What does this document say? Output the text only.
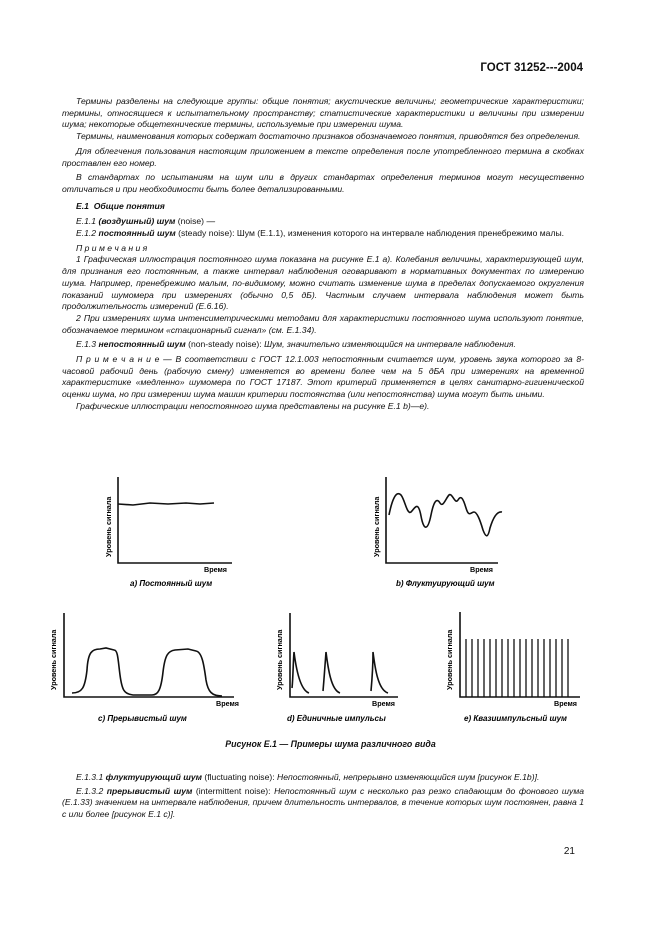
ГОСТ 31252---2004
Термины разделены на следующие группы: общие понятия; акустические величины; геометрические характеристики; термины, относящиеся к испытательному пространству; статистические характеристики и величины при измерении шума; некоторые общетехнические термины, используемые при измерении шума.
Термины, наименования которых содержат достаточно признаков обозначаемого понятия, приводятся без определения.
Для облегчения пользования настоящим приложением в тексте определения после употребленного термина в скобках проставлен его номер.
В стандартах по испытаниям на шум или в других стандартах определения терминов могут несущественно отличаться и при необходимости быть более детализированными.
E.1 Общие понятия
E.1.1 (воздушный) шум (noise) —
E.1.2 постоянный шум (steady noise): Шум (E.1.1), изменения которого на интервале наблюдения пренебрежимо малы.
П р и м е ч а н и я
1 Графическая иллюстрация постоянного шума показана на рисунке E.1 a). Колебания величины, характеризующей шум, для признания его постоянным, а также интервал наблюдения оговаривают в нормативных документах по измерению шума. Например, пренебрежимо малым, по-видимому, можно считать изменение шума в пределах допускаемого округления показаний шумомера при измерениях (обычно 0,5 дБ). Частным случаем интервала наблюдения может быть продолжительность измерений (E.6.16).
2 При измерениях шума интенсиметрическими методами для характеристики постоянного шума используют понятие, обозначаемое термином «стационарный сигнал» (см. E.1.34).
E.1.3 непостоянный шум (non-steady noise): Шум, значительно изменяющийся на интервале наблюдения.
П р и м е ч а н и е — В соответствии с ГОСТ 12.1.003 непостоянным считается шум, уровень звука которого за 8-часовой рабочий день (рабочую смену) изменяется во времени более чем на 5 дБА при измерениях на временной характеристике «медленно» шумомера по ГОСТ 17187. Этот критерий применяется в целях санитарно-гигиенической оценки шума, но при измерении шума машин критерии постоянства (или непостоянства) шума могут быть иными.
Графические иллюстрации непостоянного шума представлены на рисунке E.1 b)—e).
Уровень сигнала	Уровень сигнала
Уровень сигнала	Уровень сигнала	Уровень сигнала
Время	Время
Время	Время	Время
a) Постоянный шум	b) Флуктуирующий шум
c) Прерывистый шум	d) Единичные импульсы	e) Квазиимпульсный шум
Рисунок E.1 — Примеры шума различного вида
E.1.3.1 флуктуирующий шум (fluctuating noise): Непостоянный, непрерывно изменяющийся шум [рисунок E.1b)].
E.1.3.2 прерывистый шум (intermittent noise): Непостоянный шум с несколько раз резко спадающим до фонового шума (E.1.33) значением на интервале наблюдения, причем длительность интервалов, в течение которых шум постоянен, равна 1 с или более [рисунок E.1 c)].
21
